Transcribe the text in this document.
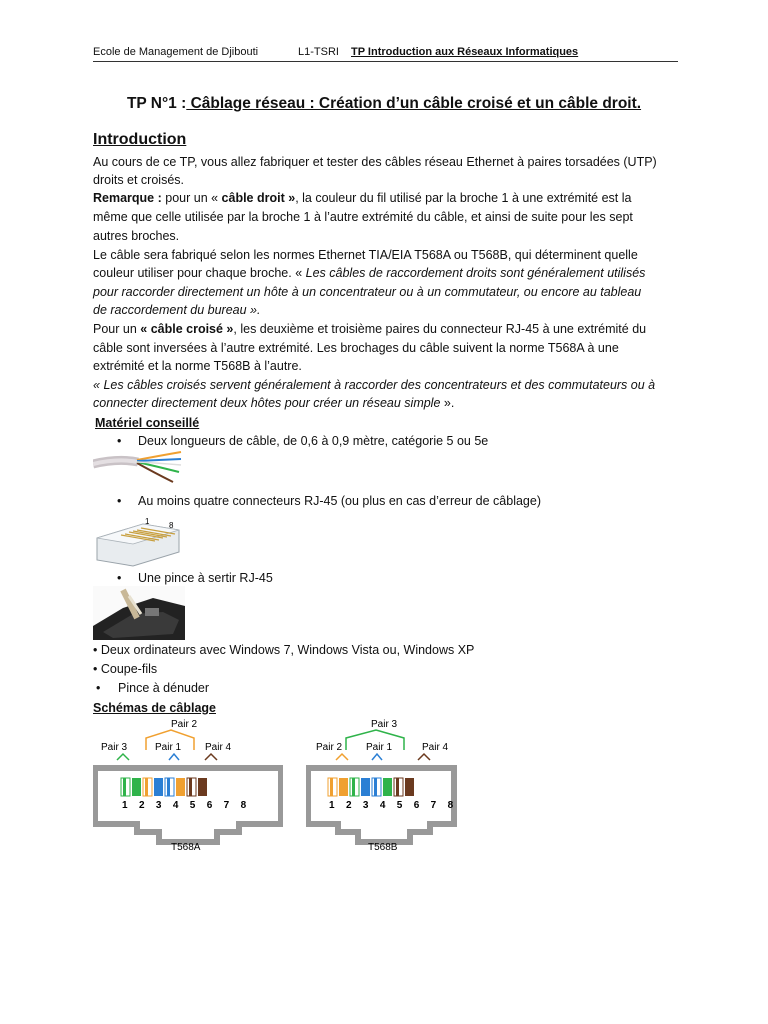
Ecole de Management de Djibouti	L1-TSRI TP Introduction aux Réseaux Informatiques
TP N°1 : Câblage réseau : Création d’un câble croisé et un câble droit.
Introduction
Au cours de ce TP, vous allez fabriquer et tester des câbles réseau Ethernet à paires torsadées (UTP)
droits et croisés.
Remarque : pour un « câble droit », la couleur du fil utilisé par la broche 1 à une extrémité est la
même que celle utilisée par la broche 1 à l’autre extrémité du câble, et ainsi de suite pour les sept
autres broches.
Le câble sera fabriqué selon les normes Ethernet TIA/EIA T568A ou T568B, qui déterminent quelle
couleur utiliser pour chaque broche. « Les câbles de raccordement droits sont généralement utilisés
pour raccorder directement un hôte à un concentrateur ou à un commutateur, ou encore au tableau
de raccordement du bureau ».
Pour un « câble croisé », les deuxième et troisième paires du connecteur RJ-45 à une extrémité du
câble sont inversées à l’autre extrémité. Les brochages du câble suivent la norme T568A à une
extrémité et la norme T568B à l’autre.
« Les câbles croisés servent généralement à raccorder des concentrateurs et des commutateurs ou à
connecter directement deux hôtes pour créer un réseau simple ».
Matériel conseillé
• Deux longueurs de câble, de 0,6 à 0,9 mètre, catégorie 5 ou 5e
• Au moins quatre connecteurs RJ-45 (ou plus en cas d’erreur de câblage)
1 8
• Une pince à sertir RJ-45
• Deux ordinateurs avec Windows 7, Windows Vista ou, Windows XP
• Coupe-fils
• Pince à dénuder
Schémas de câblage
Pair 2
Pair 3	Pair 1 Pair 4
1 2 3 4 5 6 7 8
T568A
Pair 3
Pair 2 Pair 1	Pair 4
1 2 3 4 5 6 7 8
T568B
